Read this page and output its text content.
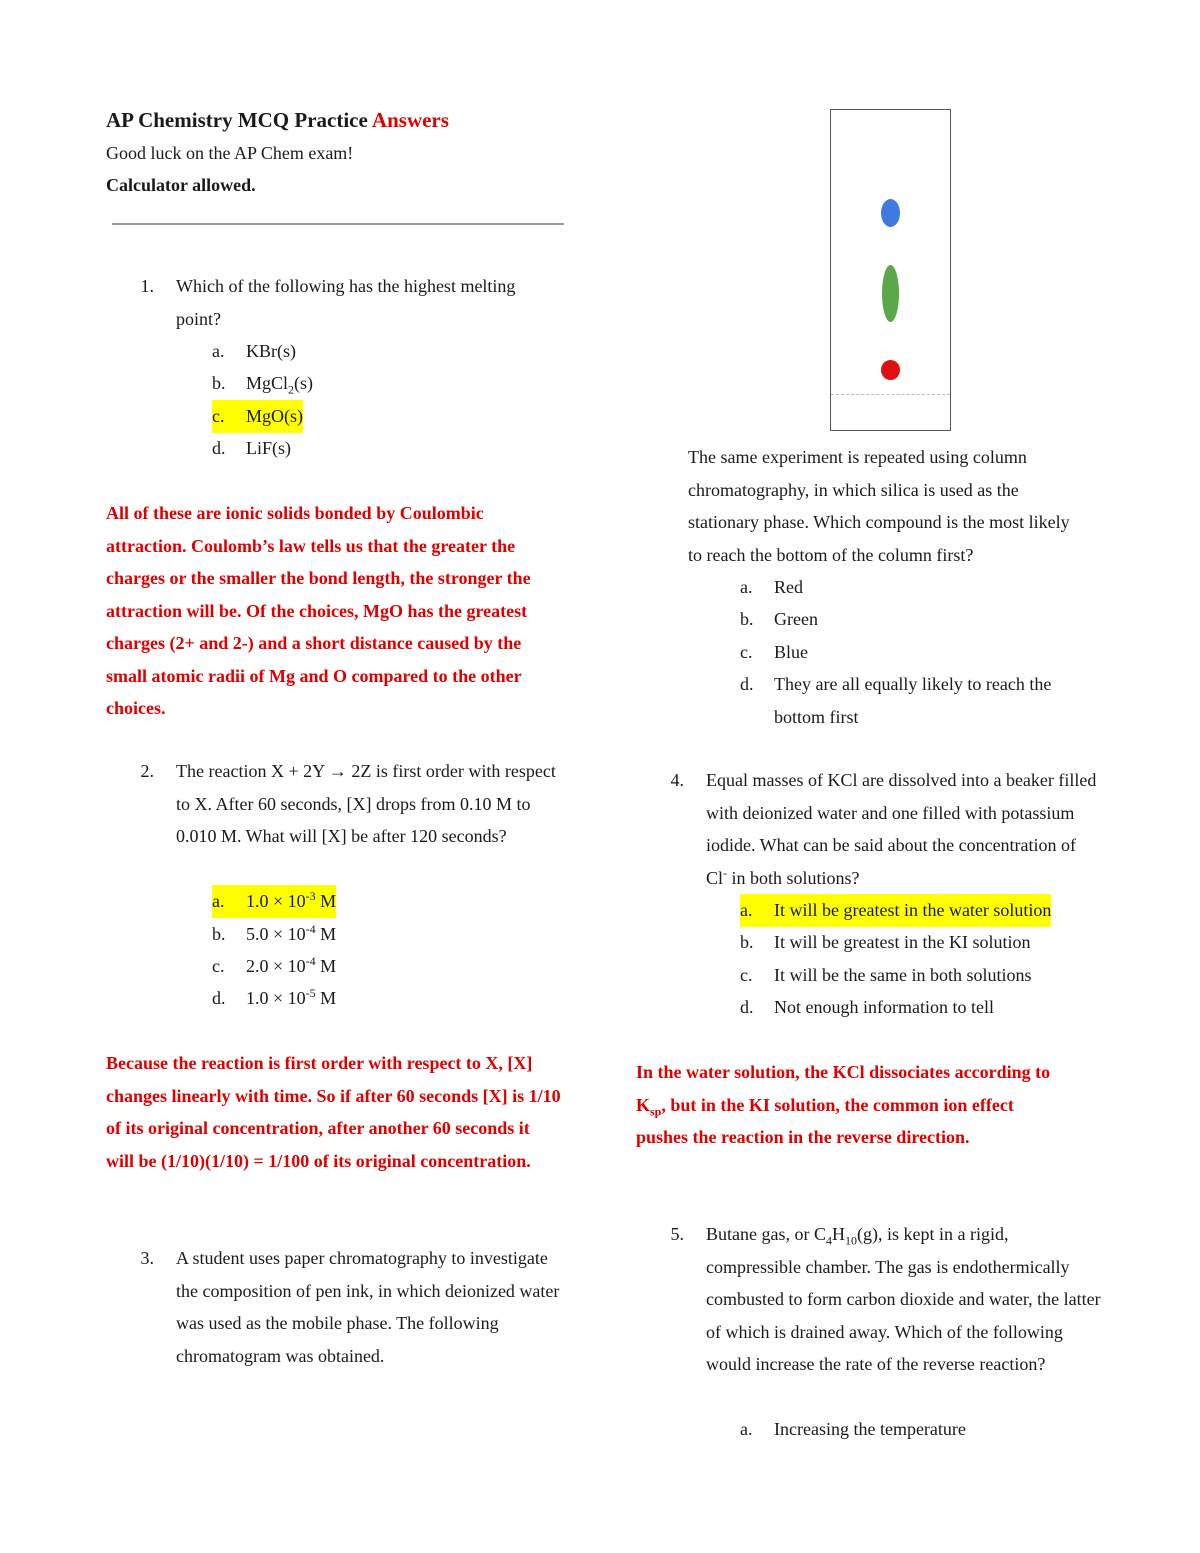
AP Chemistry MCQ Practice Answers
Good luck on the AP Chem exam!
Calculator allowed.
1. Which of the following has the highest melting point?
a. KBr(s)
b. MgCl$_2$(s)
c. MgO(s)
d. LiF(s)
All of these are ionic solids bonded by Coulombic attraction. Coulomb’s law tells us that the greater the charges or the smaller the bond length, the stronger the attraction will be. Of the choices, MgO has the greatest charges (2+ and 2-) and a short distance caused by the small atomic radii of Mg and O compared to the other choices.
2. The reaction X + 2Y → 2Z is first order with respect to X. After 60 seconds, [X] drops from 0.10 M to 0.010 M. What will [X] be after 120 seconds?
a. $1.0 \times 10^{-3}$ M
b. $5.0 \times 10^{-4}$ M
c. $2.0 \times 10^{-4}$ M
d. $1.0 \times 10^{-5}$ M
Because the reaction is first order with respect to X, [X] changes linearly with time. So if after 60 seconds [X] is 1/10 of its original concentration, after another 60 seconds it will be (1/10)(1/10) = 1/100 of its original concentration.
3. A student uses paper chromatography to investigate the composition of pen ink, in which deionized water was used as the mobile phase. The following chromatogram was obtained.
The same experiment is repeated using column chromatography, in which silica is used as the stationary phase. Which compound is the most likely to reach the bottom of the column first?
a. Red
b. Green
c. Blue
d. They are all equally likely to reach the
bottom first
4. Equal masses of KCl are dissolved into a beaker filled with deionized water and one filled with potassium iodide. What can be said about the concentration of Cl- in both solutions?
a. It will be greatest in the water solution
b. It will be greatest in the KI solution
c. It will be the same in both solutions
d. Not enough information to tell
In the water solution, the KCl dissociates according to $K_{sp}$, but in the KI solution, the common ion effect pushes the reaction in the reverse direction.
5. Butane gas, or $C_4H_{10}(g)$, is kept in a rigid, compressible chamber. The gas is endothermically combusted to form carbon dioxide and water, the latter of which is drained away. Which of the following would increase the rate of the reverse reaction?
a. Increasing the temperature
